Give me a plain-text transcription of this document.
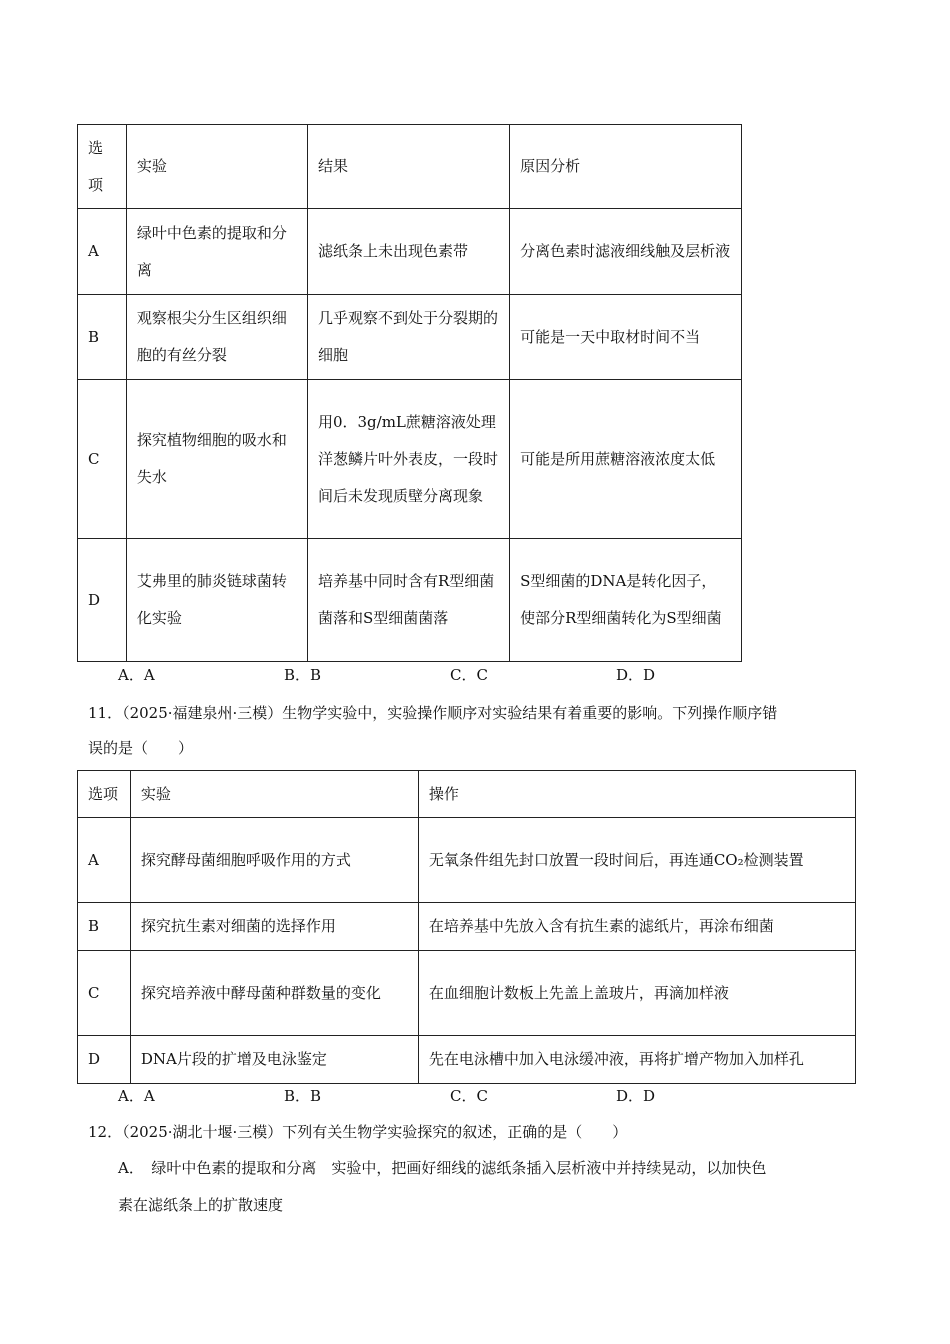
选项	实验	结果	原因分析
A	绿叶中色素的提取和分离	滤纸条上未出现色素带	分离色素时滤液细线触及层析液
B	观察根尖分生区组织细胞的有丝分裂	几乎观察不到处于分裂期的细胞	可能是一天中取材时间不当
C	探究植物细胞的吸水和失水	用0．3g/mL蔗糖溶液处理洋葱鳞片叶外表皮，一段时间后未发现质壁分离现象	可能是所用蔗糖溶液浓度太低
D	艾弗里的肺炎链球菌转化实验	培养基中同时含有R型细菌菌落和S型细菌菌落	S型细菌的DNA是转化因子，使部分R型细菌转化为S型细菌
A．A	B．B	C．C	D．D
11．（2025·福建泉州·三模）生物学实验中，实验操作顺序对实验结果有着重要的影响。下列操作顺序错
误的是（　　）
选项	实验	操作
A	探究酵母菌细胞呼吸作用的方式	无氧条件组先封口放置一段时间后，再连通CO₂检测装置
B	探究抗生素对细菌的选择作用	在培养基中先放入含有抗生素的滤纸片，再涂布细菌
C	探究培养液中酵母菌种群数量的变化	在血细胞计数板上先盖上盖玻片，再滴加样液
D	DNA片段的扩增及电泳鉴定	先在电泳槽中加入电泳缓冲液，再将扩增产物加入加样孔
A．A	B．B	C．C	D．D
12．（2025·湖北十堰·三模）下列有关生物学实验探究的叙述，正确的是（　　）
A．　绿叶中色素的提取和分离　实验中，把画好细线的滤纸条插入层析液中并持续晃动，以加快色
素在滤纸条上的扩散速度
